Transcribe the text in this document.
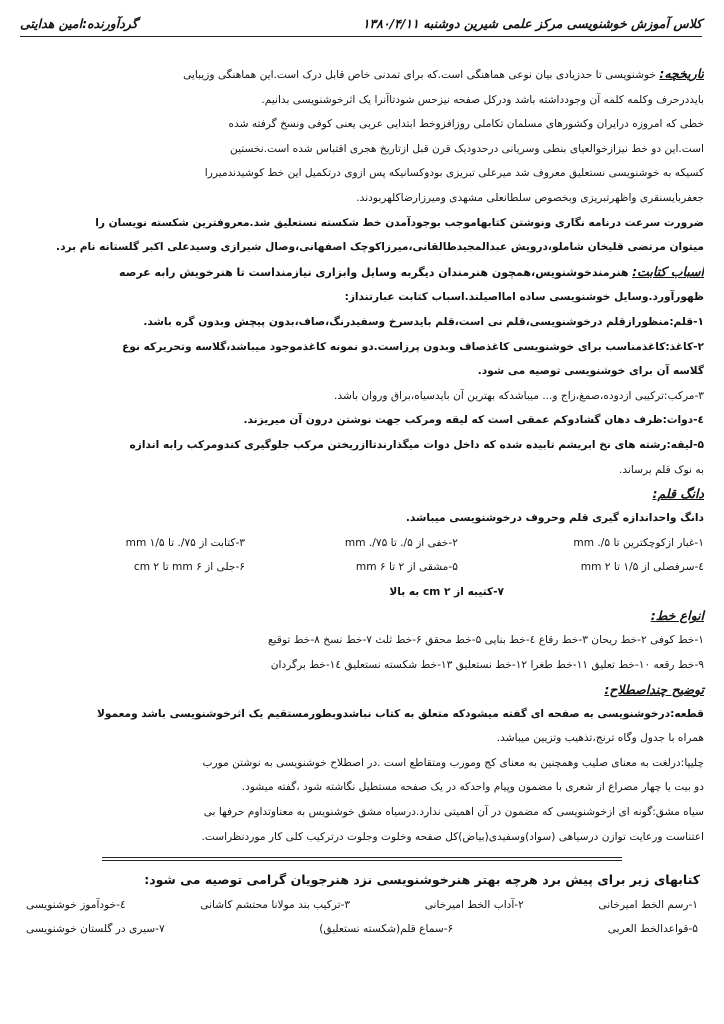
کلاس آموزش خوشنویسی مرکز علمی شیرین دوشنبه ۱۳۸۰/۴/۱۱
گردآورنده:امین هدایتی

تاریخچه: خوشنویسی تا حدزیادی بیان نوعی هماهنگی است.که برای تمدنی خاص قابل درک است.این هماهنگی وزیبایی

بایددرحرف وکلمه کلمه آن وجودداشته باشد ودرکل صفحه نیزحس شودتاآنرا یک اثرخوشنویسی بدانیم.

خطی که امروزه درایران وکشورهای مسلمان تکاملی روزافزوخط ابتدایی عربی یعنی کوفی ونسخ گرفته شده

است.این دو خط نیزازخوالعیای بنطی وسریانی درحدودیک قرن قبل ازتاریخ هجری اقتباس شده است.نخستین

کسیکه به خوشنویسی نستعلیق معروف شد میرعلی تبریزی بودوکسانیکه پس ازوی درتکمیل این خط کوشیدندمیررا

جعفربایسنقری واظهرتبریزی وبخصوص سلطانعلی مشهدی ومیرزارضاکلهربودند.

ضرورت سرعت درنامه نگاری ونوشتن کتابهاموجب بوجودآمدن خط شکسته نستعلیق شد.معروفترین شکسته نویسان را

میتوان مرتضی قلیخان شاملو،درویش عبدالمجیدطالقانی،میرزاکوچک اصفهانی،وصال شیرازی وسیدعلی اکبر گلستانه نام برد.

اسباب کتابت: هنرمندخوشنویس،همچون هنرمندان دیگربه وسایل وابزاری نیازمنداست تا هنرخویش رابه عرصه

ظهورآورد.وسایل خوشنویسی ساده امااصیلند.اسباب کتابت عبارتنداز:

۱-قلم:منظورازقلم درخوشنویسی،قلم نی است،قلم بایدسرخ وسفیدرنگ،صاف،بدون پیچش وبدون گره باشد.

۲-کاغذ:کاغذمناسب برای خوشنویسی کاغذصاف وبدون پرزاست.دو نمونه کاغذموجود میباشد،گلاسه وتحریرکه نوع

گلاسه آن برای خوشنویسی توصیه می شود.

۳-مرکب:ترکیبی ازدوده،صمغ،زاج و... میباشدکه بهترین آن بایدسیاه،براق وروان باشد.

٤-دوات:ظرف دهان گشادوکم عمقی است که لیقه ومرکب جهت نوشتن درون آن میریزند.

۵-لیقه:رشته های نخ ابریشم تابیده شده که داخل دوات میگذارندتاازریختن مرکب جلوگیری کندومرکب رابه اندازه

به نوک قلم برساند.

دانگ قلم:

دانگ واحداندازه گیری قلم وحروف درخوشنویسی میباشد.

۱-غبار ازکوچکترین تا ۵/. mm	۲-خفی از ۵/. تا ۷۵/. mm	۳-کتابت از ۷۵/. تا ۱/۵ mm
٤-سرفصلی از ۱/۵ تا ۲ mm	۵-مشقی از ۲ تا ۶ mm	۶-جلی از ۶ mm تا ۲ cm

۷-کتیبه از ۲ cm به بالا

انواع خط:

۱-خط کوفی ۲-خط ریحان ۳-خط رقاع ٤-خط بنایی ۵-خط محقق ۶-خط ثلث ۷-خط نسخ ۸-خط توقیع

۹-خط رقعه ۱۰-خط تعلیق ۱۱-خط طغرا ۱۲-خط نستعلیق ۱۳-خط شکسته نستعلیق ۱٤-خط برگردان

توضیح چنداصطلاح:

قطعه:درخوشنویسی به صفحه ای گفته میشودکه متعلق به کتاب نباشدوبطورمستقیم یک اثرخوشنویسی باشد ومعمولا

همراه با جدول وگاه ترنج،تذهیب وتزیین میباشد.

چلیپا:درلغت به معنای صلیب وهمچنین به معنای کج ومورب ومتقاطع است .در اصطلاح خوشنویسی به نوشتن مورب

دو بیت یا چهار مصراع از شعری با مضمون وپیام واحدکه در یک صفحه مستطیل نگاشته شود ،گفته میشود.

سیاه مشق:گونه ای ازخوشنویسی که مضمون در آن اهمیتی ندارد.درسیاه مشق خوشنویس به معناوتداوم حرفها بی

اعتناست ورعایت توازن درسیاهی (سواد)وسفیدی(بیاض)کل صفحه وخلوت وجلوت درترکیب کلی کار موردنظراست.

کتابهای زیر برای پیش برد هرچه بهتر هنرخوشنویسی نزد هنرجویان گرامی توصیه می شود:

۱-رسم الخط امیرخانی
۲-آداب الخط امیرخانی
۳-ترکیب بند مولانا محتشم کاشانی
٤-خودآموز خوشنویسی
۵-قواعدالخط العربی
۶-سماع قلم(شکسته نستعلیق)
۷-سیری در گلستان خوشنویسی
